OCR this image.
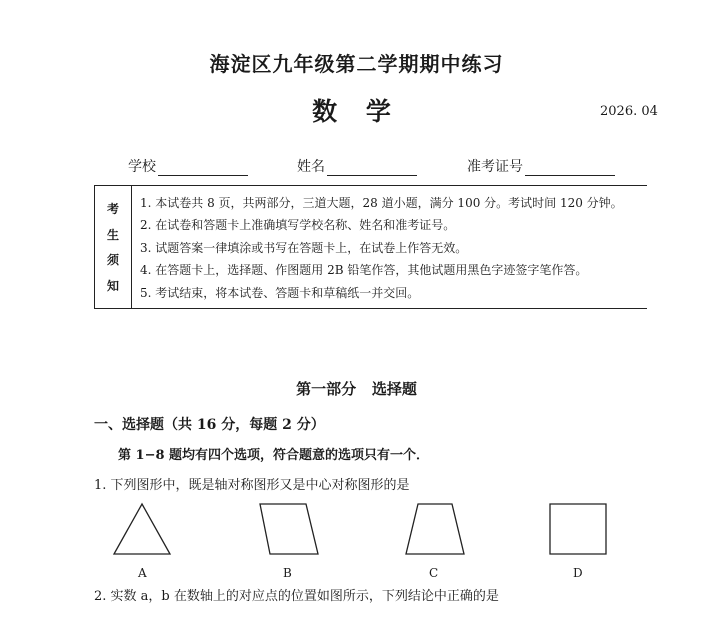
海淀区九年级第二学期期中练习
数 学	2026. 04
学校	姓名	准考证号
考
生
须
知
1. 本试卷共 8 页，共两部分，三道大题，28 道小题，满分 100 分。考试时间 120 分钟。
2. 在试卷和答题卡上准确填写学校名称、姓名和准考证号。
3. 试题答案一律填涂或书写在答题卡上，在试卷上作答无效。
4. 在答题卡上，选择题、作图题用 2B 铅笔作答，其他试题用黑色字迹签字笔作答。
5. 考试结束，将本试卷、答题卡和草稿纸一并交回。
第一部分   选择题
一、选择题（共 16 分，每题 2 分）
第 1−8 题均有四个选项，符合题意的选项只有一个．
1. 下列图形中，既是轴对称图形又是中心对称图形的是
A	B	C	D
2. 实数 a，b 在数轴上的对应点的位置如图所示，下列结论中正确的是
